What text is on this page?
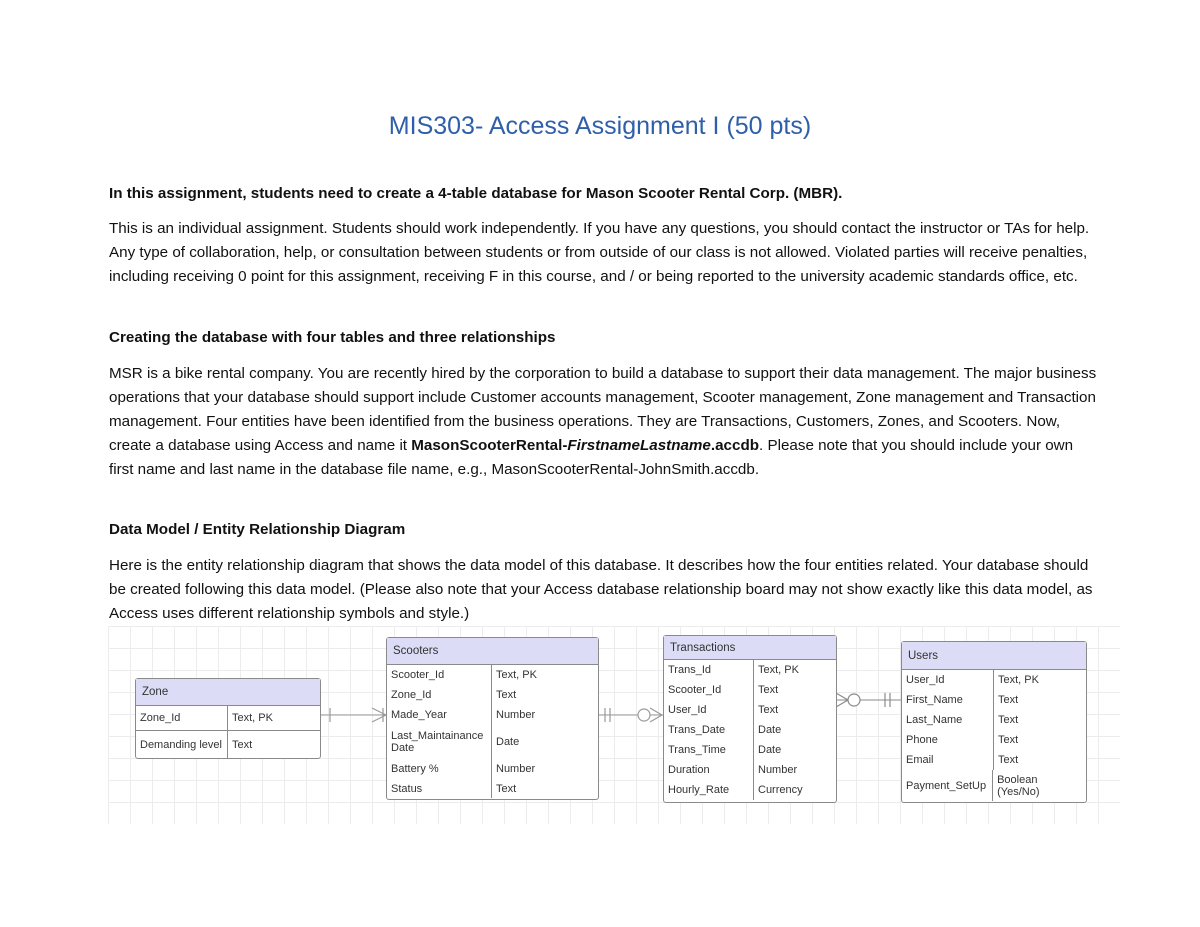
MIS303- Access Assignment I (50 pts)

In this assignment, students need to create a 4-table database for Mason Scooter Rental Corp. (MBR).

This is an individual assignment. Students should work independently. If you have any questions, you should contact the instructor or TAs for help. Any type of collaboration, help, or consultation between students or from outside of our class is not allowed. Violated parties will receive penalties, including receiving 0 point for this assignment, receiving F in this course, and / or being reported to the university academic standards office, etc.

Creating the database with four tables and three relationships

MSR is a bike rental company. You are recently hired by the corporation to build a database to support their data management. The major business operations that your database should support include Customer accounts management, Scooter management, Zone management and Transaction management. Four entities have been identified from the business operations. They are Transactions, Customers, Zones, and Scooters. Now, create a database using Access and name it MasonScooterRental-FirstnameLastname.accdb. Please note that you should include your own first name and last name in the database file name, e.g., MasonScooterRental-JohnSmith.accdb.

Data Model / Entity Relationship Diagram

Here is the entity relationship diagram that shows the data model of this database. It describes how the four entities related. Your database should be created following this data model. (Please also note that your Access database relationship board may not show exactly like this data model, as Access uses different relationship symbols and style.)

Zone
Zone_Id	Text, PK
Demanding level Text
Scooters
Scooter_Id	Text, PK
Zone_Id	Text
Made_Year	Number
Last_Maintainance Date	Date
Battery %	Number
Status	Text
Transactions
Trans_Id	Text, PK
Scooter_Id	Text
User_Id	Text
Trans_Date	Date
Trans_Time	Date
Duration	Number
Hourly_Rate	Currency
Users
User_Id	Text, PK
First_Name	Text
Last_Name	Text
Phone	Text
Email	Text
Payment_SetUp Boolean (Yes/No)
